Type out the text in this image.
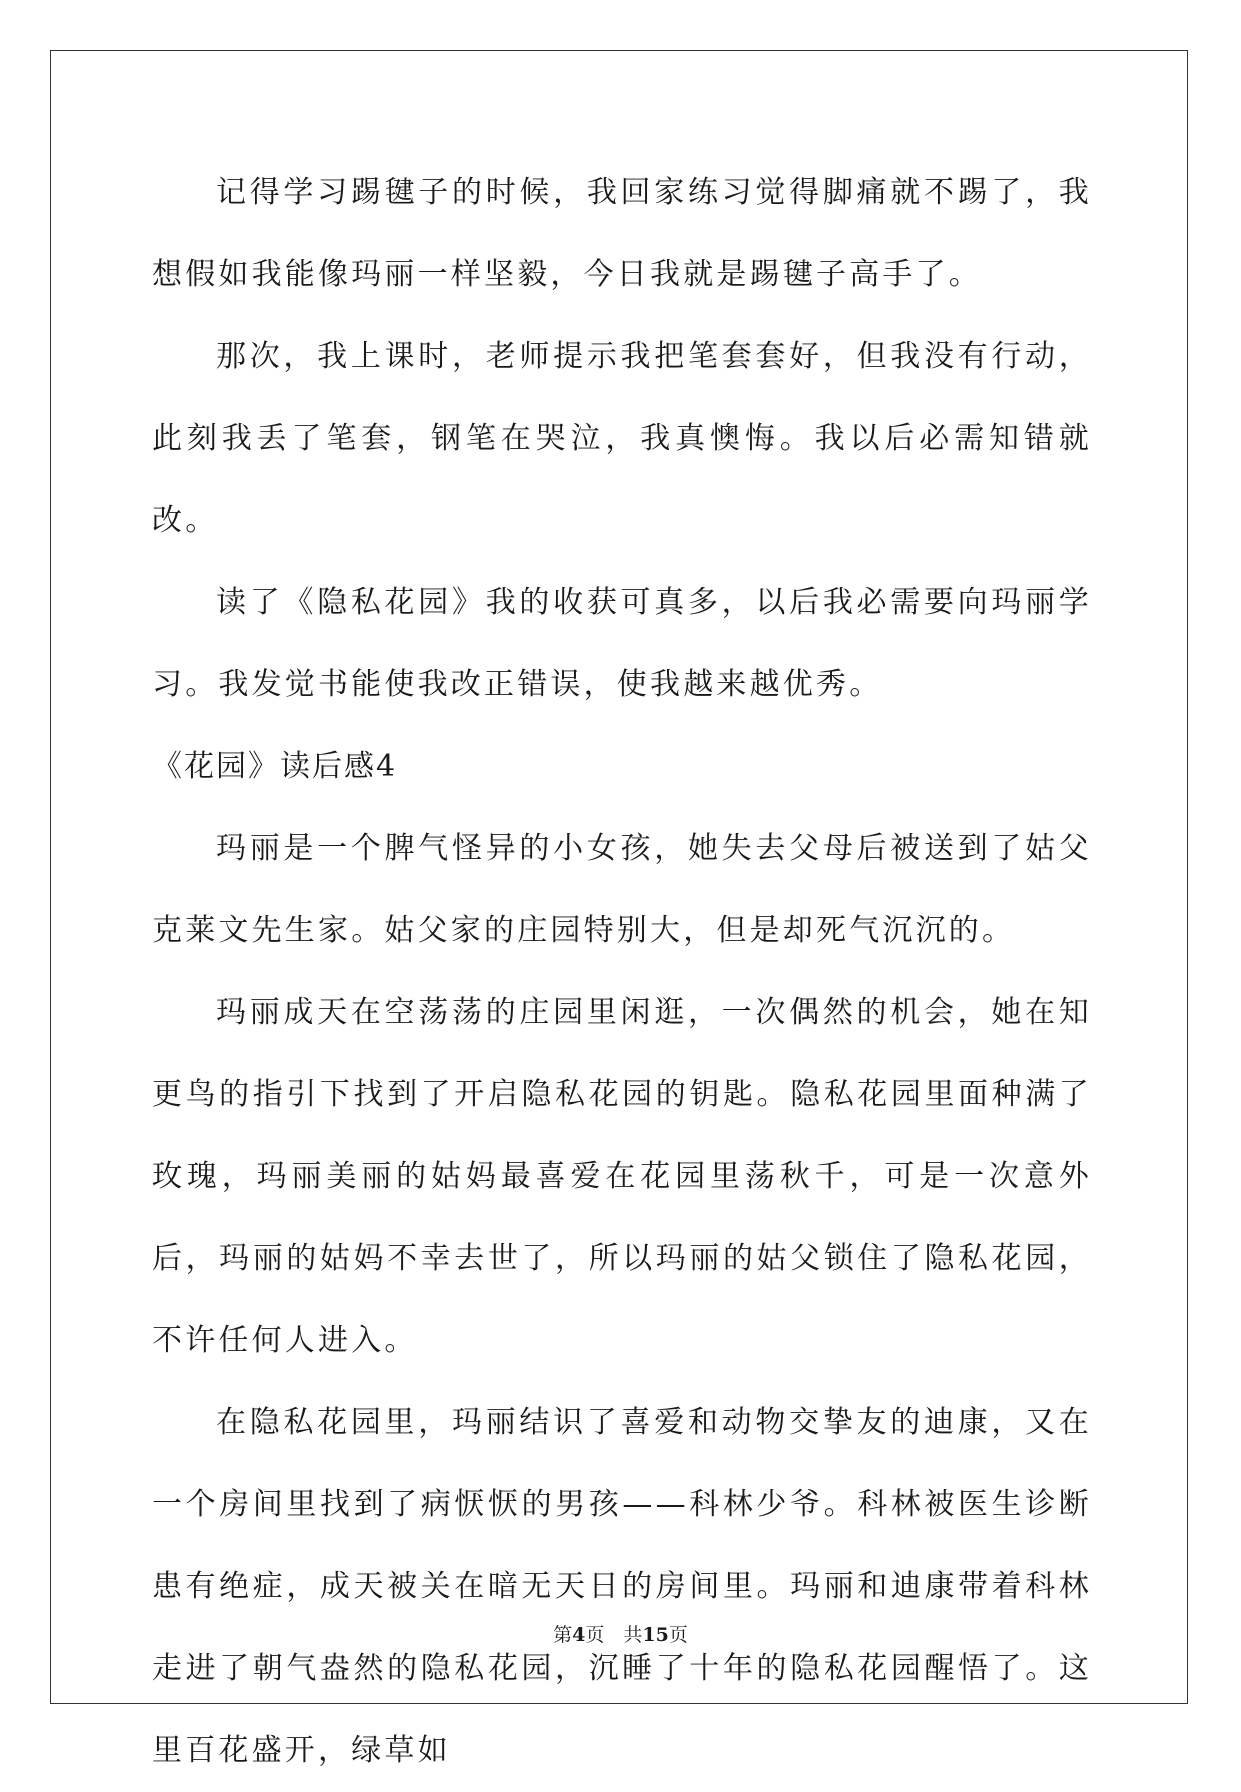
记得学习踢毽子的时候，我回家练习觉得脚痛就不踢了，我想假如我能像玛丽一样坚毅，今日我就是踢毽子高手了。

那次，我上课时，老师提示我把笔套套好，但我没有行动，此刻我丢了笔套，钢笔在哭泣，我真懊悔。我以后必需知错就改。

读了《隐私花园》我的收获可真多，以后我必需要向玛丽学习。我发觉书能使我改正错误，使我越来越优秀。

《花园》读后感4

玛丽是一个脾气怪异的小女孩，她失去父母后被送到了姑父克莱文先生家。姑父家的庄园特别大，但是却死气沉沉的。

玛丽成天在空荡荡的庄园里闲逛，一次偶然的机会，她在知更鸟的指引下找到了开启隐私花园的钥匙。隐私花园里面种满了玫瑰，玛丽美丽的姑妈最喜爱在花园里荡秋千，可是一次意外后，玛丽的姑妈不幸去世了，所以玛丽的姑父锁住了隐私花园，不许任何人进入。

在隐私花园里，玛丽结识了喜爱和动物交挚友的迪康，又在一个房间里找到了病恹恹的男孩——科林少爷。科林被医生诊断患有绝症，成天被关在暗无天日的房间里。玛丽和迪康带着科林走进了朝气盎然的隐私花园，沉睡了十年的隐私花园醒悟了。这里百花盛开，绿草如

第4页　共15页
